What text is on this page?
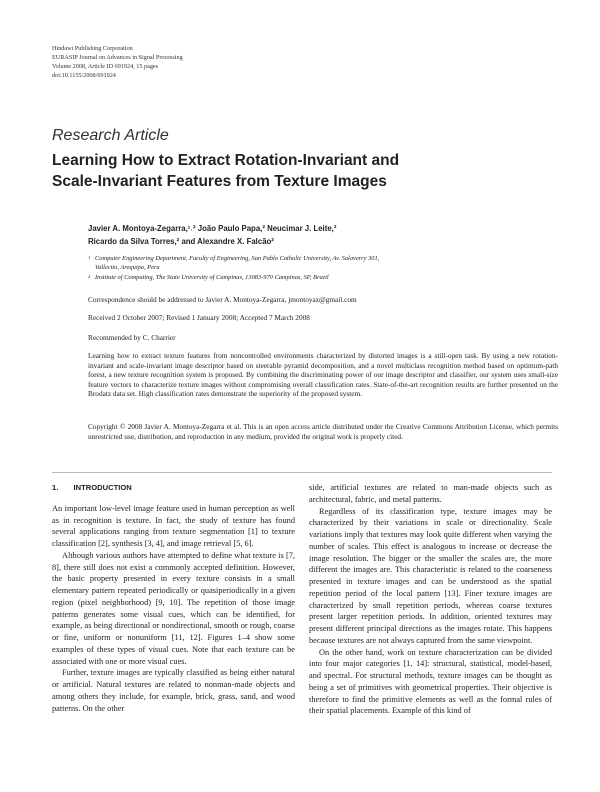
Hindawi Publishing Corporation
EURASIP Journal on Advances in Signal Processing
Volume 2008, Article ID 691924, 15 pages
doi:10.1155/2008/691924
Research Article
Learning How to Extract Rotation-Invariant and
Scale-Invariant Features from Texture Images
Javier A. Montoya-Zegarra,¹˒² João Paulo Papa,² Neucimar J. Leite,²
Ricardo da Silva Torres,² and Alexandre X. Falcão²
1 Computer Engineering Department, Faculty of Engineering, San Pablo Catholic University, Av. Salaverry 301,
Vallecito, Arequipa, Peru
2 Institute of Computing, The State University of Campinas, 13083-970 Campinas, SP, Brazil
Correspondence should be addressed to Javier A. Montoya-Zegarra, jmontoyaz@gmail.com
Received 2 October 2007; Revised 1 January 2008; Accepted 7 March 2008
Recommended by C. Charrier
Learning how to extract texture features from noncontrolled environments characterized by distorted images is a still-open task. By using a new rotation-invariant and scale-invariant image descriptor based on steerable pyramid decomposition, and a novel multiclass recognition method based on optimum-path forest, a new texture recognition system is proposed. By combining the discriminating power of our image descriptor and classifier, our system uses small-size feature vectors to characterize texture images without compromising overall classification rates. State-of-the-art recognition results are further presented on the Brodatz data set. High classification rates demonstrate the superiority of the proposed system.
Copyright © 2008 Javier A. Montoya-Zegarra et al. This is an open access article distributed under the Creative Commons Attribution License, which permits unrestricted use, distribution, and reproduction in any medium, provided the original work is properly cited.

1.  INTRODUCTION

An important low-level image feature used in human perception as well as in recognition is texture. In fact, the study of texture has found several applications ranging from texture segmentation [1] to texture classification [2], synthesis [3, 4], and image retrieval [5, 6].

Although various authors have attempted to define what texture is [7, 8], there still does not exist a commonly accepted definition. However, the basic property presented in every texture consists in a small elementary pattern repeated periodically or quasiperiodically in a given region (pixel neighborhood) [9, 10]. The repetition of those image patterns generates some visual cues, which can be identified, for example, as being directional or nondirectional, smooth or rough, coarse or fine, uniform or nonuniform [11, 12]. Figures 1–4 show some examples of these types of visual cues. Note that each texture can be associated with one or more visual cues.

Further, texture images are typically classified as being either natural or artificial. Natural textures are related to nonman-made objects and among others they include, for example, brick, grass, sand, and wood patterns. On the other

side, artificial textures are related to man-made objects such as architectural, fabric, and metal patterns.

Regardless of its classification type, texture images may be characterized by their variations in scale or directionality. Scale variations imply that textures may look quite different when varying the number of scales. This effect is analogous to increase or decrease the image resolution. The bigger or the smaller the scales are, the more different the images are. This characteristic is related to the coarseness presented in texture images and can be understood as the spatial repetition period of the local pattern [13]. Finer texture images are characterized by small repetition periods, whereas coarse textures present larger repetition periods. In addition, oriented textures may present different principal directions as the images rotate. This happens because textures are not always captured from the same viewpoint.

On the other hand, work on texture characterization can be divided into four major categories [1, 14]: structural, statistical, model-based, and spectral. For structural methods, texture images can be thought as being a set of primitives with geometrical properties. Their objective is therefore to find the primitive elements as well as the formal rules of their spatial placements. Example of this kind of
